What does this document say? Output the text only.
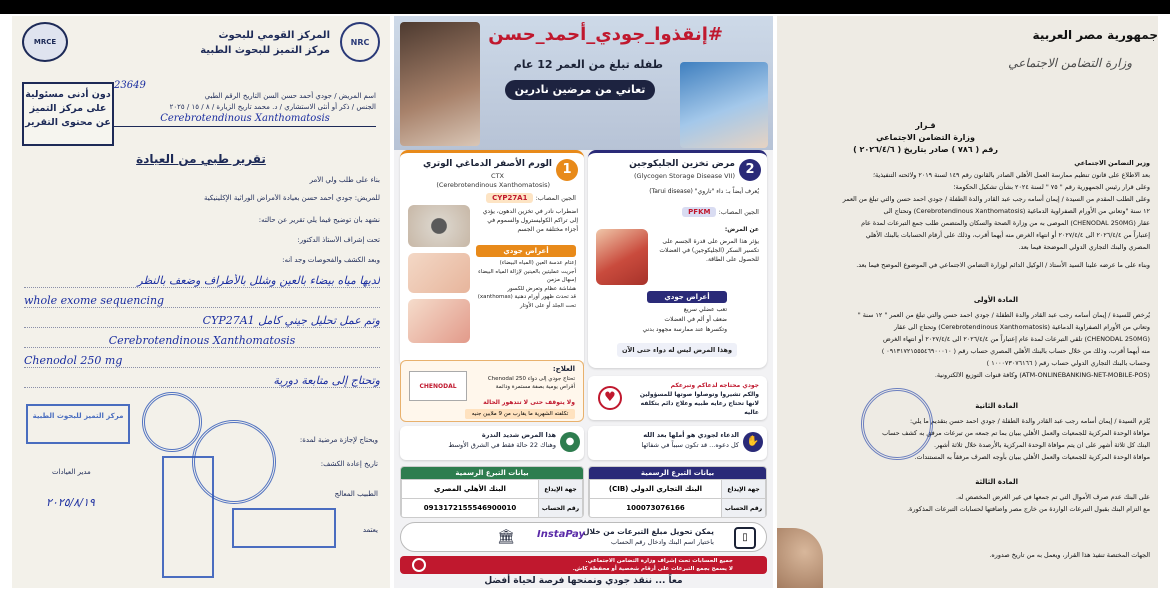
NRC
MRCE
المركز القومي للبحوث
مركز التميز للبحوث الطبية
دون أدنى مسئولية على مركز التميز عن محتوى التقرير
23649
اسم المريض / جودي أحمد حسن السن التاريخ الرقم الطبي
الجنس / ذكر أو أنثى الاستشاري / د. محمد تاريخ الزيارة / ٨ / ١٥ / ٢٠٢٥
Cerebrotendinous Xanthomatosis
تقرير طبي من العيادة
بناء على طلب ولي الأمر
للمريض: جودي أحمد حسن بعيادة الأمراض الوراثية الإكلينيكية
نشهد بأن توضيح فيما يلي تقرير عن حالته:
تحت إشراف الأستاذ الدكتور:
وبعد الكشف والفحوصات وجد أنه:
لديها مياه بيضاء بالعين وشلل بالأطراف وضعف بالنظر
whole exome sequencing
وتم عمل تحليل جيني كامل CYP27A1
Cerebrotendinous Xanthomatosis
Chenodol 250 mg
وتحتاج إلى متابعة دورية
مركز التميز للبحوث الطبية
ويحتاج لإجازة مرضية لمدة:
تاريخ إعادة الكشف:
مدير العيادات
الطبيب المعالج
٢٠٢٥/٨/١٩
يعتمد
#إنقذوا_جودي_أحمد_حسن
طفله تبلغ من العمر 12 عام
تعاني من مرضين نادرين
1
الورم الأصفر الدماغي الوتري
CTX
(Cerebrotendinous Xanthomatosis)
الجين المصاب: CYP27A1
اضطراب نادر في تخزين الدهون، يؤدي إلى تراكم الكوليسترول والسموم في أجزاء مختلفة من الجسم
أعراض جودي
إعتام عدسة العين (المياه البيضاء)
أجريت عمليتين بالعينين لإزالة المياه البيضاء
إسهال مزمن
هشاشة عظام وتعرض للكسور
قد تحدث ظهور أورام دهنية (xanthomas) تحت الجلد أو على الأوتار
2
مرض تخزين الجليكوجين
(Glycogen Storage Disease VII)
يُعرف أيضاً بـ: داء "تاروي" (Tarui disease)
الجين المصاب: PFKM
عن المرض:
يؤثر هذا المرض على قدرة الجسم على تكسير السكر (الجليكوجين) في العضلات للحصول على الطاقة.
أعراض جودي
تعب عضلي سريع
ضعف أو ألم في العضلات
وتكسرها عند ممارسة مجهود بدني
وهذا المرض ليس له دواء حتى الآن
العلاج:
تحتاج جودي إلى دواء Chenodal 250 أقراص يومية بصفة مستمرة ودائمة
ولا يتوقف حتى لا تتدهور الحالة
تكلفته الشهرية ما يقارب من 9 ملايين جنيه
CHENODAL	جودي محتاجه لدعاكم وتبرعكم
والكم تشيروا وتوصلوا صوتها للمسؤولين
لانها تحتاج رعايه طبيه وعلاج دائم بتكلفه عاليه
♥
✋
الدعاء لجودي هو أملها بعد الله
كل دعوه... قد تكون سبباً في شفائها
●
هذا المرض شديد الندرة
وهناك 22 حالة فقط في الشرق الأوسط
بيانات التبرع الرسمية
جهة الإيداع	البنك التجاري الدولي (CIB)
رقم الحساب	100073076166
بيانات التبرع الرسمية
جهة الإيداع	البنك الأهلي المصري
رقم الحساب	0913172155546900010
▯
يمكن تحويل مبلغ التبرعات من خلال
باختيار اسم البنك وادخال رقم الحساب
InstaPay
🏛
جميع الحسابات تحت إشراف وزارة التضامن الاجتماعي.
لا يسمح بجمع التبرعات على أرقام شخصية أو محفظة كاش.
معاً ... ننقذ جودي ونمنحها فرصة لحياة أفضل
جمهورية مصر العربية
وزارة التضامن الاجتماعي
قـرار
وزارة التضامن الاجتماعي
رقم ( ٧٨٦ ) صادر بتاريخ ( ٢٠٢٦/٤/٦ )
وزير التضامن الاجتماعي
بعد الاطلاع على قانون تنظيم ممارسة العمل الأهلي الصادر بالقانون رقم ١٤٩ لسنة ٢٠١٩ ولائحته التنفيذية؛
وعلى قرار رئيس الجمهورية رقم " ٧٥ " لسنة ٢٠٢٤ بشأن تشكيل الحكومة؛
وعلى الطلب المقدم من السيدة / إيمان أسامه رجب عبد القادر والدة الطفلة / جودي احمد حسن والتي تبلغ من العمر
١٢ سنة "وتعاني من الأورام الصفراوية الدماغية (Cerebrotendinous Xanthomatosis) وتحتاج الى
عقار (CHENODAL 250MG) الموصى به من وزارة الصحة والسكان والمتضمن طلب جمع التبرعات لمدة عام
إعتباراً من ٢٠٢٦/٤/٤ الى ٢٠٢٧/٤/٤ أو انتهاء الغرض منه أيهما أقرب، وذلك على أرقام الحسابات بالبنك الأهلي
المصري والبنك التجاري الدولي الموضحة فيما بعد.
وبناء على ما عرضه علينا السيد الأستاذ / الوكيل الدائم لوزارة التضامن الاجتماعي في الموضوع الموضح فيما بعد.
المادة الأولى
يُرخص للسيدة / إيمان أسامه رجب عبد القادر والدة الطفلة / جودي احمد حسن والتي تبلغ من العمر " ١٢ سنة "
وتعاني من الأورام الصفراوية الدماغية (Cerebrotendinous Xanthomatosis) وتحتاج الى عقار
(CHENODAL 250MG) تلقي التبرعات لمدة عام إعتباراً من ٢٠٢٦/٤/٤ الى ٢٠٢٧/٤/٤ أو انتهاء الغرض
منه أيهما أقرب، وذلك من خلال حساب بالبنك الأهلي المصري حساب رقم ( ٠٩١٣١٧٢١٥٥٥٤٦٩٠٠٠١٠ )
وحساب بالبنك التجاري الدولي حساب رقم ( ١٠٠٠٧٣٠٧٦١٦٦ )
(ATM-ONLINEBANKING-NET-MOBILE-POS) وكافة قنوات التوزيع الالكترونية.
المادة الثانية
يُلزم السيدة / إيمان أسامه رجب عبد القادر والدة الطفلة / جودي احمد حسن بتقديم ما يلي:
موافاة الوحدة المركزية للجمعيات والعمل الأهلي ببيان بما تم جمعه من تبرعات مرفق به كشف حساب
البنك كل ثلاثة أشهر على ان يتم موافاة الوحدة المركزية بالأرصدة خلال ثلاثة أشهر.
موافاة الوحدة المركزية للجمعيات والعمل الأهلي ببيان بأوجه الصرف مرفقاً به المستندات.
المادة الثالثة
على البنك عدم صرف الأموال التي تم جمعها في غير الغرض المخصص له.
مع التزام البنك بقبول التبرعات الواردة من خارج مصر واضافتها لحسابات التبرعات المذكورة.
الجهات المختصة تنفيذ هذا القرار، ويعمل به من تاريخ صدوره.
